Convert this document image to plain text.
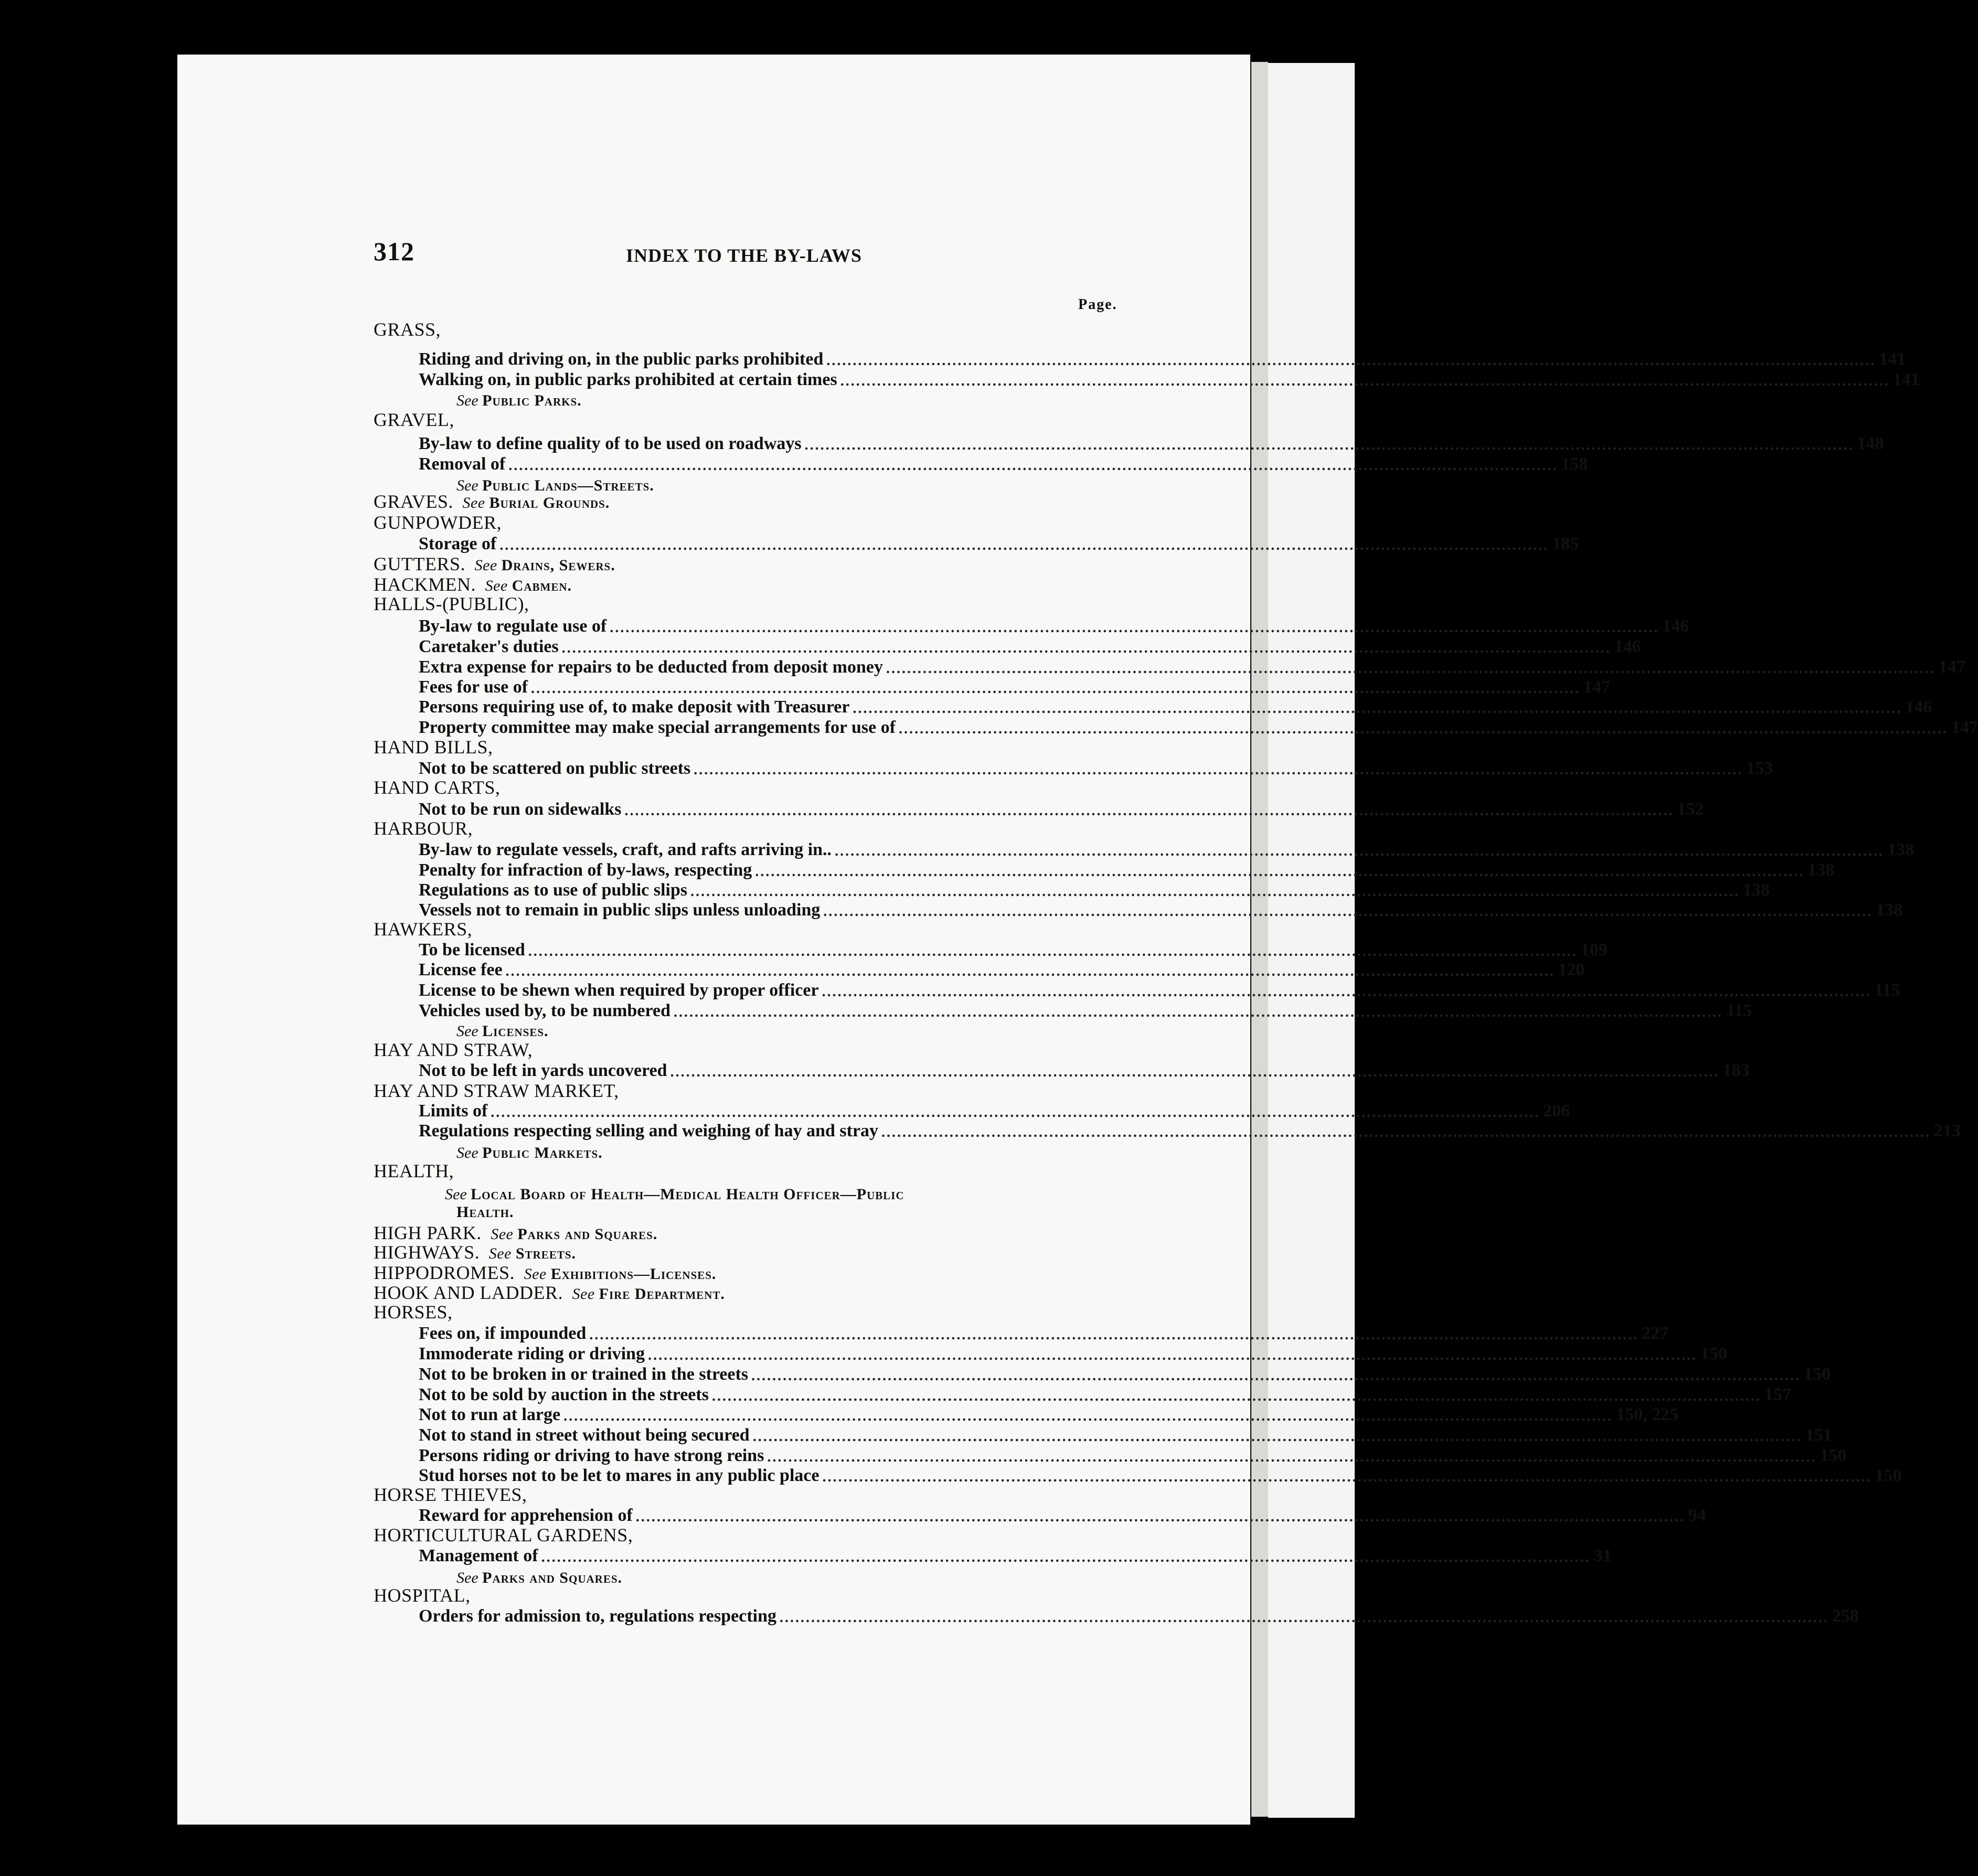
312	INDEX TO THE BY-LAWS
Page.
GRASS,
Riding and driving on, in the public parks prohibited ........................................................................................................................................................................................................ 141
Walking on, in public parks prohibited at certain times ........................................................................................................................................................................................................ 141
See Public Parks.
GRAVEL,
By-law to define quality of to be used on roadways ........................................................................................................................................................................................................ 148
Removal of ........................................................................................................................................................................................................ 158
See Public Lands—Streets.
GRAVES.  See Burial Grounds.
GUNPOWDER,
Storage of ........................................................................................................................................................................................................ 185
GUTTERS.  See Drains, Sewers.
HACKMEN.  See Cabmen.
HALLS-(PUBLIC),
By-law to regulate use of ........................................................................................................................................................................................................ 146
Caretaker's duties ........................................................................................................................................................................................................ 146
Extra expense for repairs to be deducted from deposit money ........................................................................................................................................................................................................ 147
Fees for use of ........................................................................................................................................................................................................ 147
Persons requiring use of, to make deposit with Treasurer ........................................................................................................................................................................................................ 146
Property committee may make special arrangements for use of ........................................................................................................................................................................................................ 147
HAND BILLS,
Not to be scattered on public streets ........................................................................................................................................................................................................ 153
HAND CARTS,
Not to be run on sidewalks ........................................................................................................................................................................................................ 152
HARBOUR,
By-law to regulate vessels, craft, and rafts arriving in.. ........................................................................................................................................................................................................ 138
Penalty for infraction of by-laws, respecting ........................................................................................................................................................................................................ 138
Regulations as to use of public slips ........................................................................................................................................................................................................ 138
Vessels not to remain in public slips unless unloading ........................................................................................................................................................................................................ 138
HAWKERS,
To be licensed ........................................................................................................................................................................................................ 109
License fee ........................................................................................................................................................................................................ 120
License to be shewn when required by proper officer ........................................................................................................................................................................................................ 115
Vehicles used by, to be numbered ........................................................................................................................................................................................................ 115
See Licenses.
HAY AND STRAW,
Not to be left in yards uncovered ........................................................................................................................................................................................................ 183
HAY AND STRAW MARKET,
Limits of ........................................................................................................................................................................................................ 206
Regulations respecting selling and weighing of hay and stray ........................................................................................................................................................................................................ 213
See Public Markets.
HEALTH,
See Local Board of Health—Medical Health Officer—Public
Health.
HIGH PARK.  See Parks and Squares.
HIGHWAYS.  See Streets.
HIPPODROMES.  See Exhibitions—Licenses.
HOOK AND LADDER.  See Fire Department.
HORSES,
Fees on, if impounded ........................................................................................................................................................................................................ 227
Immoderate riding or driving ........................................................................................................................................................................................................ 150
Not to be broken in or trained in the streets ........................................................................................................................................................................................................ 150
Not to be sold by auction in the streets ........................................................................................................................................................................................................ 157
Not to run at large ........................................................................................................................................................................................................ 150, 225
Not to stand in street without being secured ........................................................................................................................................................................................................ 151
Persons riding or driving to have strong reins ........................................................................................................................................................................................................ 150
Stud horses not to be let to mares in any public place ........................................................................................................................................................................................................ 150
HORSE THIEVES,
Reward for apprehension of ........................................................................................................................................................................................................ 94
HORTICULTURAL GARDENS,
Management of ........................................................................................................................................................................................................ 31
See Parks and Squares.
HOSPITAL,
Orders for admission to, regulations respecting ........................................................................................................................................................................................................ 258
